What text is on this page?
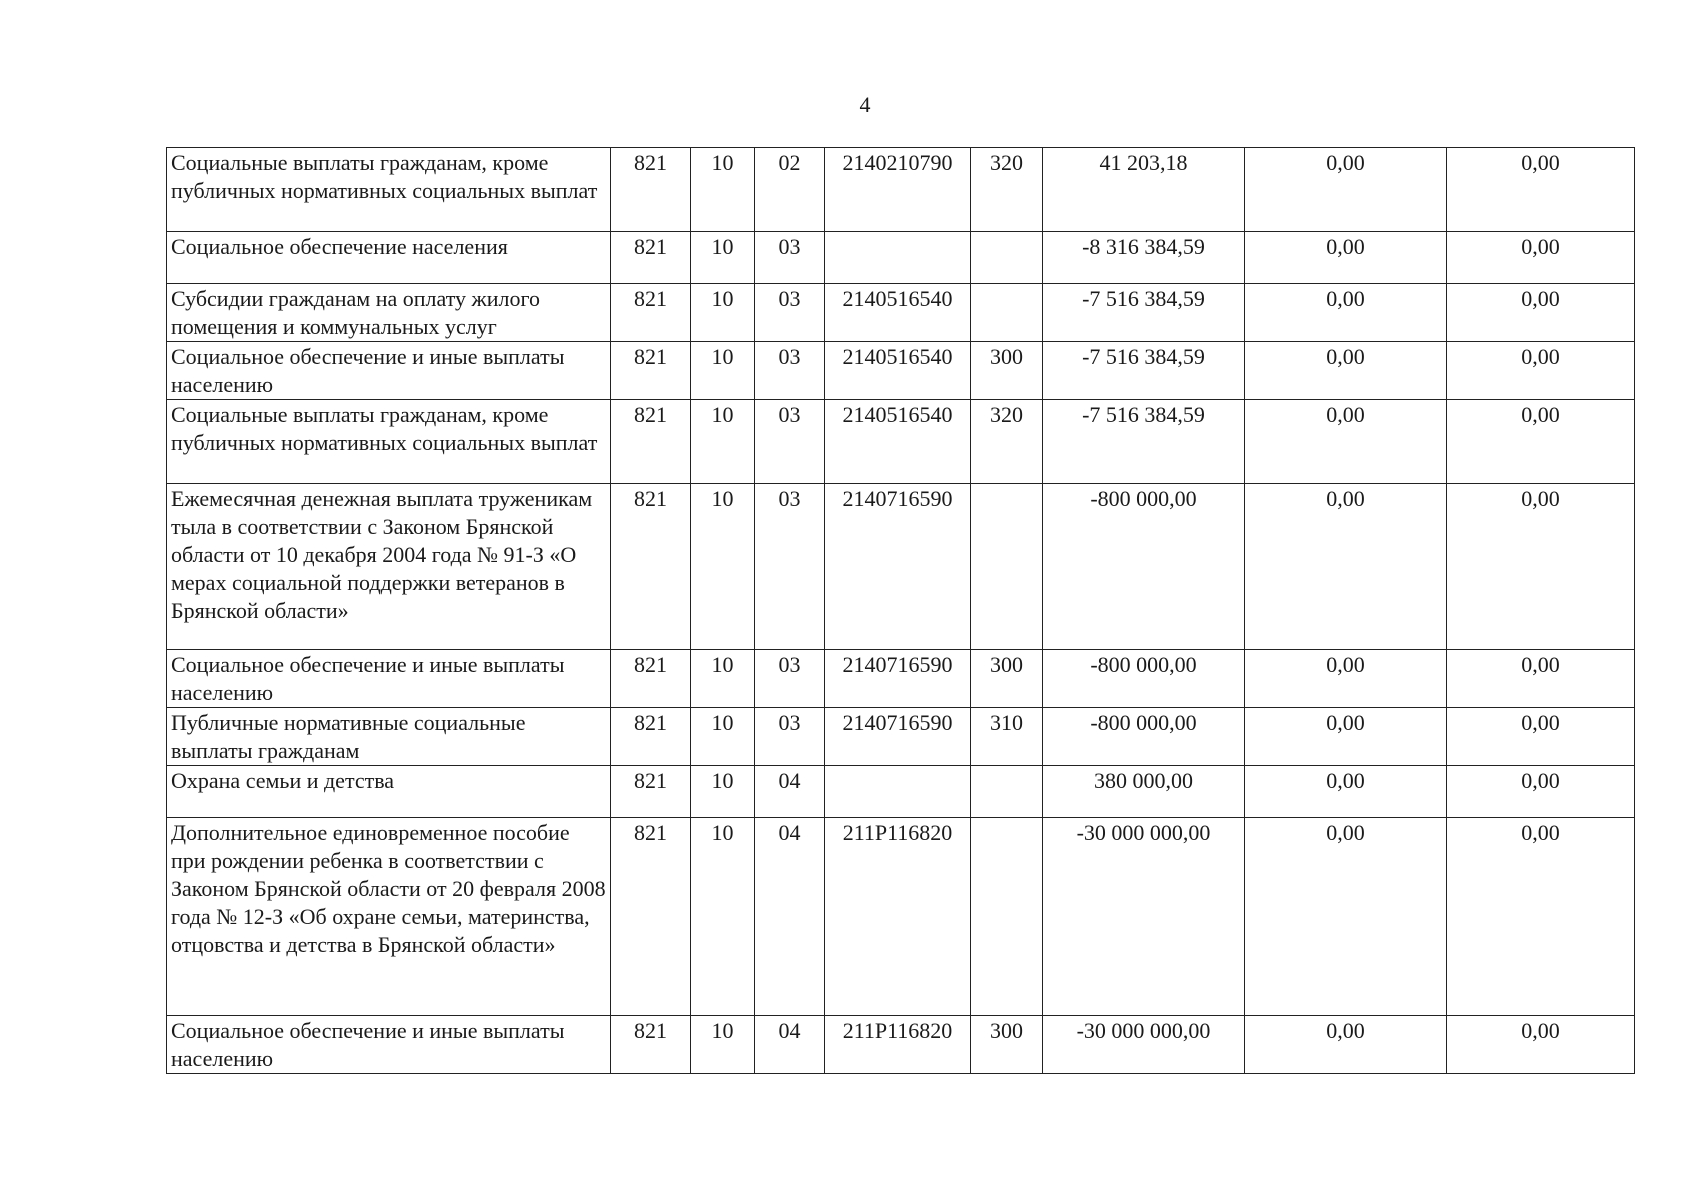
4
Социальные выплаты гражданам, кроме публичных нормативных социальных выплат	821	10	02	2140210790	320	41 203,18	0,00	0,00
Социальное обеспечение населения	821	10	03			-8 316 384,59	0,00	0,00
Субсидии гражданам на оплату жилого помещения и коммунальных услуг	821	10	03	2140516540		-7 516 384,59	0,00	0,00
Социальное обеспечение и иные выплаты населению	821	10	03	2140516540	300	-7 516 384,59	0,00	0,00
Социальные выплаты гражданам, кроме публичных нормативных социальных выплат	821	10	03	2140516540	320	-7 516 384,59	0,00	0,00
Ежемесячная денежная выплата труженикам тыла в соответствии с Законом Брянской области от 10 декабря 2004 года № 91-З «О мерах социальной поддержки ветеранов в Брянской области»	821	10	03	2140716590		-800 000,00	0,00	0,00
Социальное обеспечение и иные выплаты населению	821	10	03	2140716590	300	-800 000,00	0,00	0,00
Публичные нормативные социальные выплаты гражданам	821	10	03	2140716590	310	-800 000,00	0,00	0,00
Охрана семьи и детства	821	10	04			380 000,00	0,00	0,00
Дополнительное единовременное пособие при рождении ребенка в соответствии с Законом Брянской области от 20 февраля 2008 года № 12-З «Об охране семьи, материнства, отцовства и детства в Брянской области»	821	10	04	211P116820		-30 000 000,00	0,00	0,00
Социальное обеспечение и иные выплаты населению	821	10	04	211P116820	300	-30 000 000,00	0,00	0,00
